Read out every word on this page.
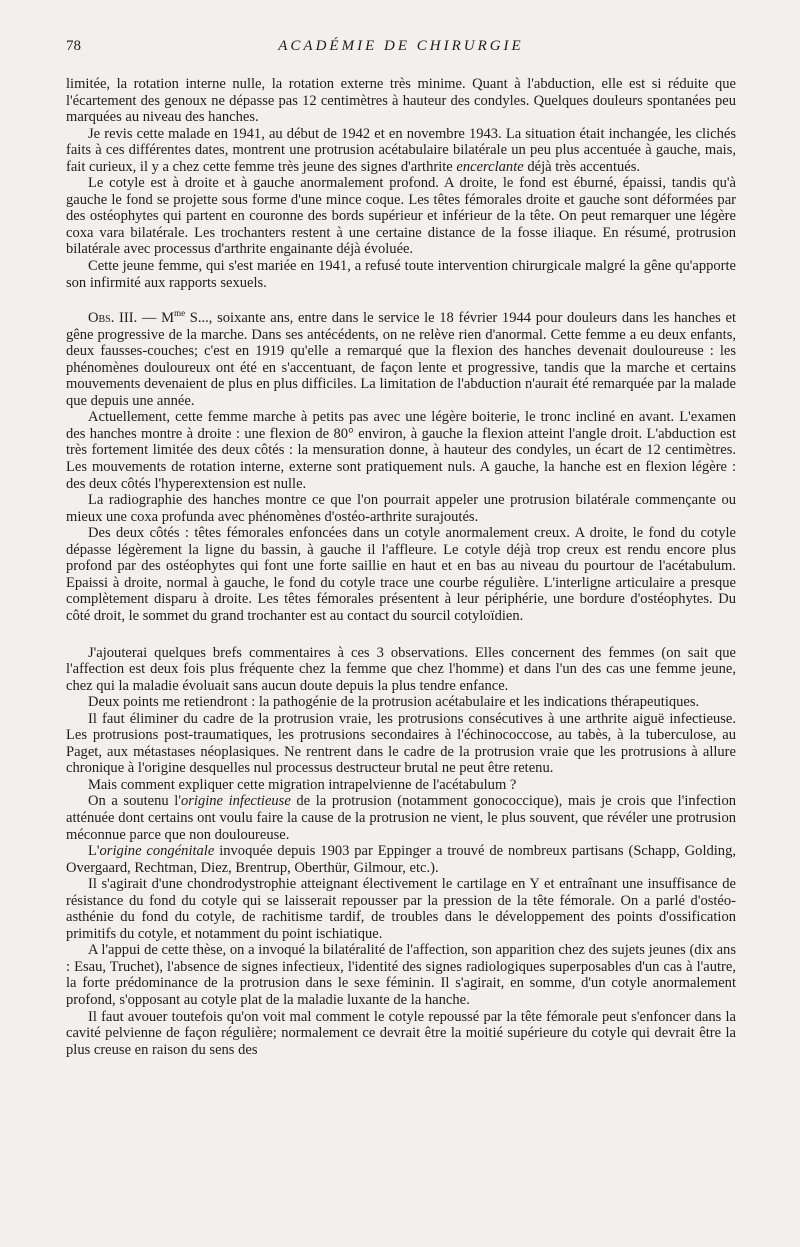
78	ACADÉMIE DE CHIRURGIE

limitée, la rotation interne nulle, la rotation externe très minime. Quant à l'abduction, elle est si réduite que l'écartement des genoux ne dépasse pas 12 centimètres à hauteur des condyles. Quelques douleurs spontanées peu marquées au niveau des hanches.

Je revis cette malade en 1941, au début de 1942 et en novembre 1943. La situation était inchangée, les clichés faits à ces différentes dates, montrent une protrusion acétabulaire bilatérale un peu plus accentuée à gauche, mais, fait curieux, il y a chez cette femme très jeune des signes d'arthrite encerclante déjà très accentués.

Le cotyle est à droite et à gauche anormalement profond. A droite, le fond est éburné, épaissi, tandis qu'à gauche le fond se projette sous forme d'une mince coque. Les têtes fémorales droite et gauche sont déformées par des ostéophytes qui partent en couronne des bords supérieur et inférieur de la tête. On peut remarquer une légère coxa vara bilatérale. Les trochanters restent à une certaine distance de la fosse iliaque. En résumé, protrusion bilatérale avec processus d'arthrite engainante déjà évoluée.

Cette jeune femme, qui s'est mariée en 1941, a refusé toute intervention chirurgicale malgré la gêne qu'apporte son infirmité aux rapports sexuels.

Obs. III. — $M^{me}$ S..., soixante ans, entre dans le service le 18 février 1944 pour douleurs dans les hanches et gêne progressive de la marche. Dans ses antécédents, on ne relève rien d'anormal. Cette femme a eu deux enfants, deux fausses-couches; c'est en 1919 qu'elle a remarqué que la flexion des hanches devenait douloureuse : les phénomènes douloureux ont été en s'accentuant, de façon lente et progressive, tandis que la marche et certains mouvements devenaient de plus en plus difficiles. La limitation de l'abduction n'aurait été remarquée par la malade que depuis une année.

Actuellement, cette femme marche à petits pas avec une légère boiterie, le tronc incliné en avant. L'examen des hanches montre à droite : une flexion de 80° environ, à gauche la flexion atteint l'angle droit. L'abduction est très fortement limitée des deux côtés : la mensuration donne, à hauteur des condyles, un écart de 12 centimètres. Les mouvements de rotation interne, externe sont pratiquement nuls. A gauche, la hanche est en flexion légère : des deux côtés l'hyperextension est nulle.

La radiographie des hanches montre ce que l'on pourrait appeler une protrusion bilatérale commençante ou mieux une coxa profunda avec phénomènes d'ostéo-arthrite surajoutés.

Des deux côtés : têtes fémorales enfoncées dans un cotyle anormalement creux. A droite, le fond du cotyle dépasse légèrement la ligne du bassin, à gauche il l'affleure. Le cotyle déjà trop creux est rendu encore plus profond par des ostéophytes qui font une forte saillie en haut et en bas au niveau du pourtour de l'acétabulum. Epaissi à droite, normal à gauche, le fond du cotyle trace une courbe régulière. L'interligne articulaire a presque complètement disparu à droite. Les têtes fémorales présentent à leur périphérie, une bordure d'ostéophytes. Du côté droit, le sommet du grand trochanter est au contact du sourcil cotyloïdien.

J'ajouterai quelques brefs commentaires à ces 3 observations. Elles concernent des femmes (on sait que l'affection est deux fois plus fréquente chez la femme que chez l'homme) et dans l'un des cas une femme jeune, chez qui la maladie évoluait sans aucun doute depuis la plus tendre enfance.

Deux points me retiendront : la pathogénie de la protrusion acétabulaire et les indications thérapeutiques.

Il faut éliminer du cadre de la protrusion vraie, les protrusions consécutives à une arthrite aiguë infectieuse. Les protrusions post-traumatiques, les protrusions secondaires à l'échinococcose, au tabès, à la tuberculose, au Paget, aux métastases néoplasiques. Ne rentrent dans le cadre de la protrusion vraie que les protrusions à allure chronique à l'origine desquelles nul processus destructeur brutal ne peut être retenu.

Mais comment expliquer cette migration intrapelvienne de l'acétabulum ?

On a soutenu l'origine infectieuse de la protrusion (notamment gonococcique), mais je crois que l'infection atténuée dont certains ont voulu faire la cause de la protrusion ne vient, le plus souvent, que révéler une protrusion méconnue parce que non douloureuse.

L'origine congénitale invoquée depuis 1903 par Eppinger a trouvé de nombreux partisans (Schapp, Golding, Overgaard, Rechtman, Diez, Brentrup, Oberthür, Gilmour, etc.).

Il s'agirait d'une chondrodystrophie atteignant électivement le cartilage en Y et entraînant une insuffisance de résistance du fond du cotyle qui se laisserait repousser par la pression de la tête fémorale. On a parlé d'ostéo-asthénie du fond du cotyle, de rachitisme tardif, de troubles dans le développement des points d'ossification primitifs du cotyle, et notamment du point ischiatique.

A l'appui de cette thèse, on a invoqué la bilatéralité de l'affection, son apparition chez des sujets jeunes (dix ans : Esau, Truchet), l'absence de signes infectieux, l'identité des signes radiologiques superposables d'un cas à l'autre, la forte prédominance de la protrusion dans le sexe féminin. Il s'agirait, en somme, d'un cotyle anormalement profond, s'opposant au cotyle plat de la maladie luxante de la hanche.

Il faut avouer toutefois qu'on voit mal comment le cotyle repoussé par la tête fémorale peut s'enfoncer dans la cavité pelvienne de façon régulière; normalement ce devrait être la moitié supérieure du cotyle qui devrait être la plus creuse en raison du sens des
